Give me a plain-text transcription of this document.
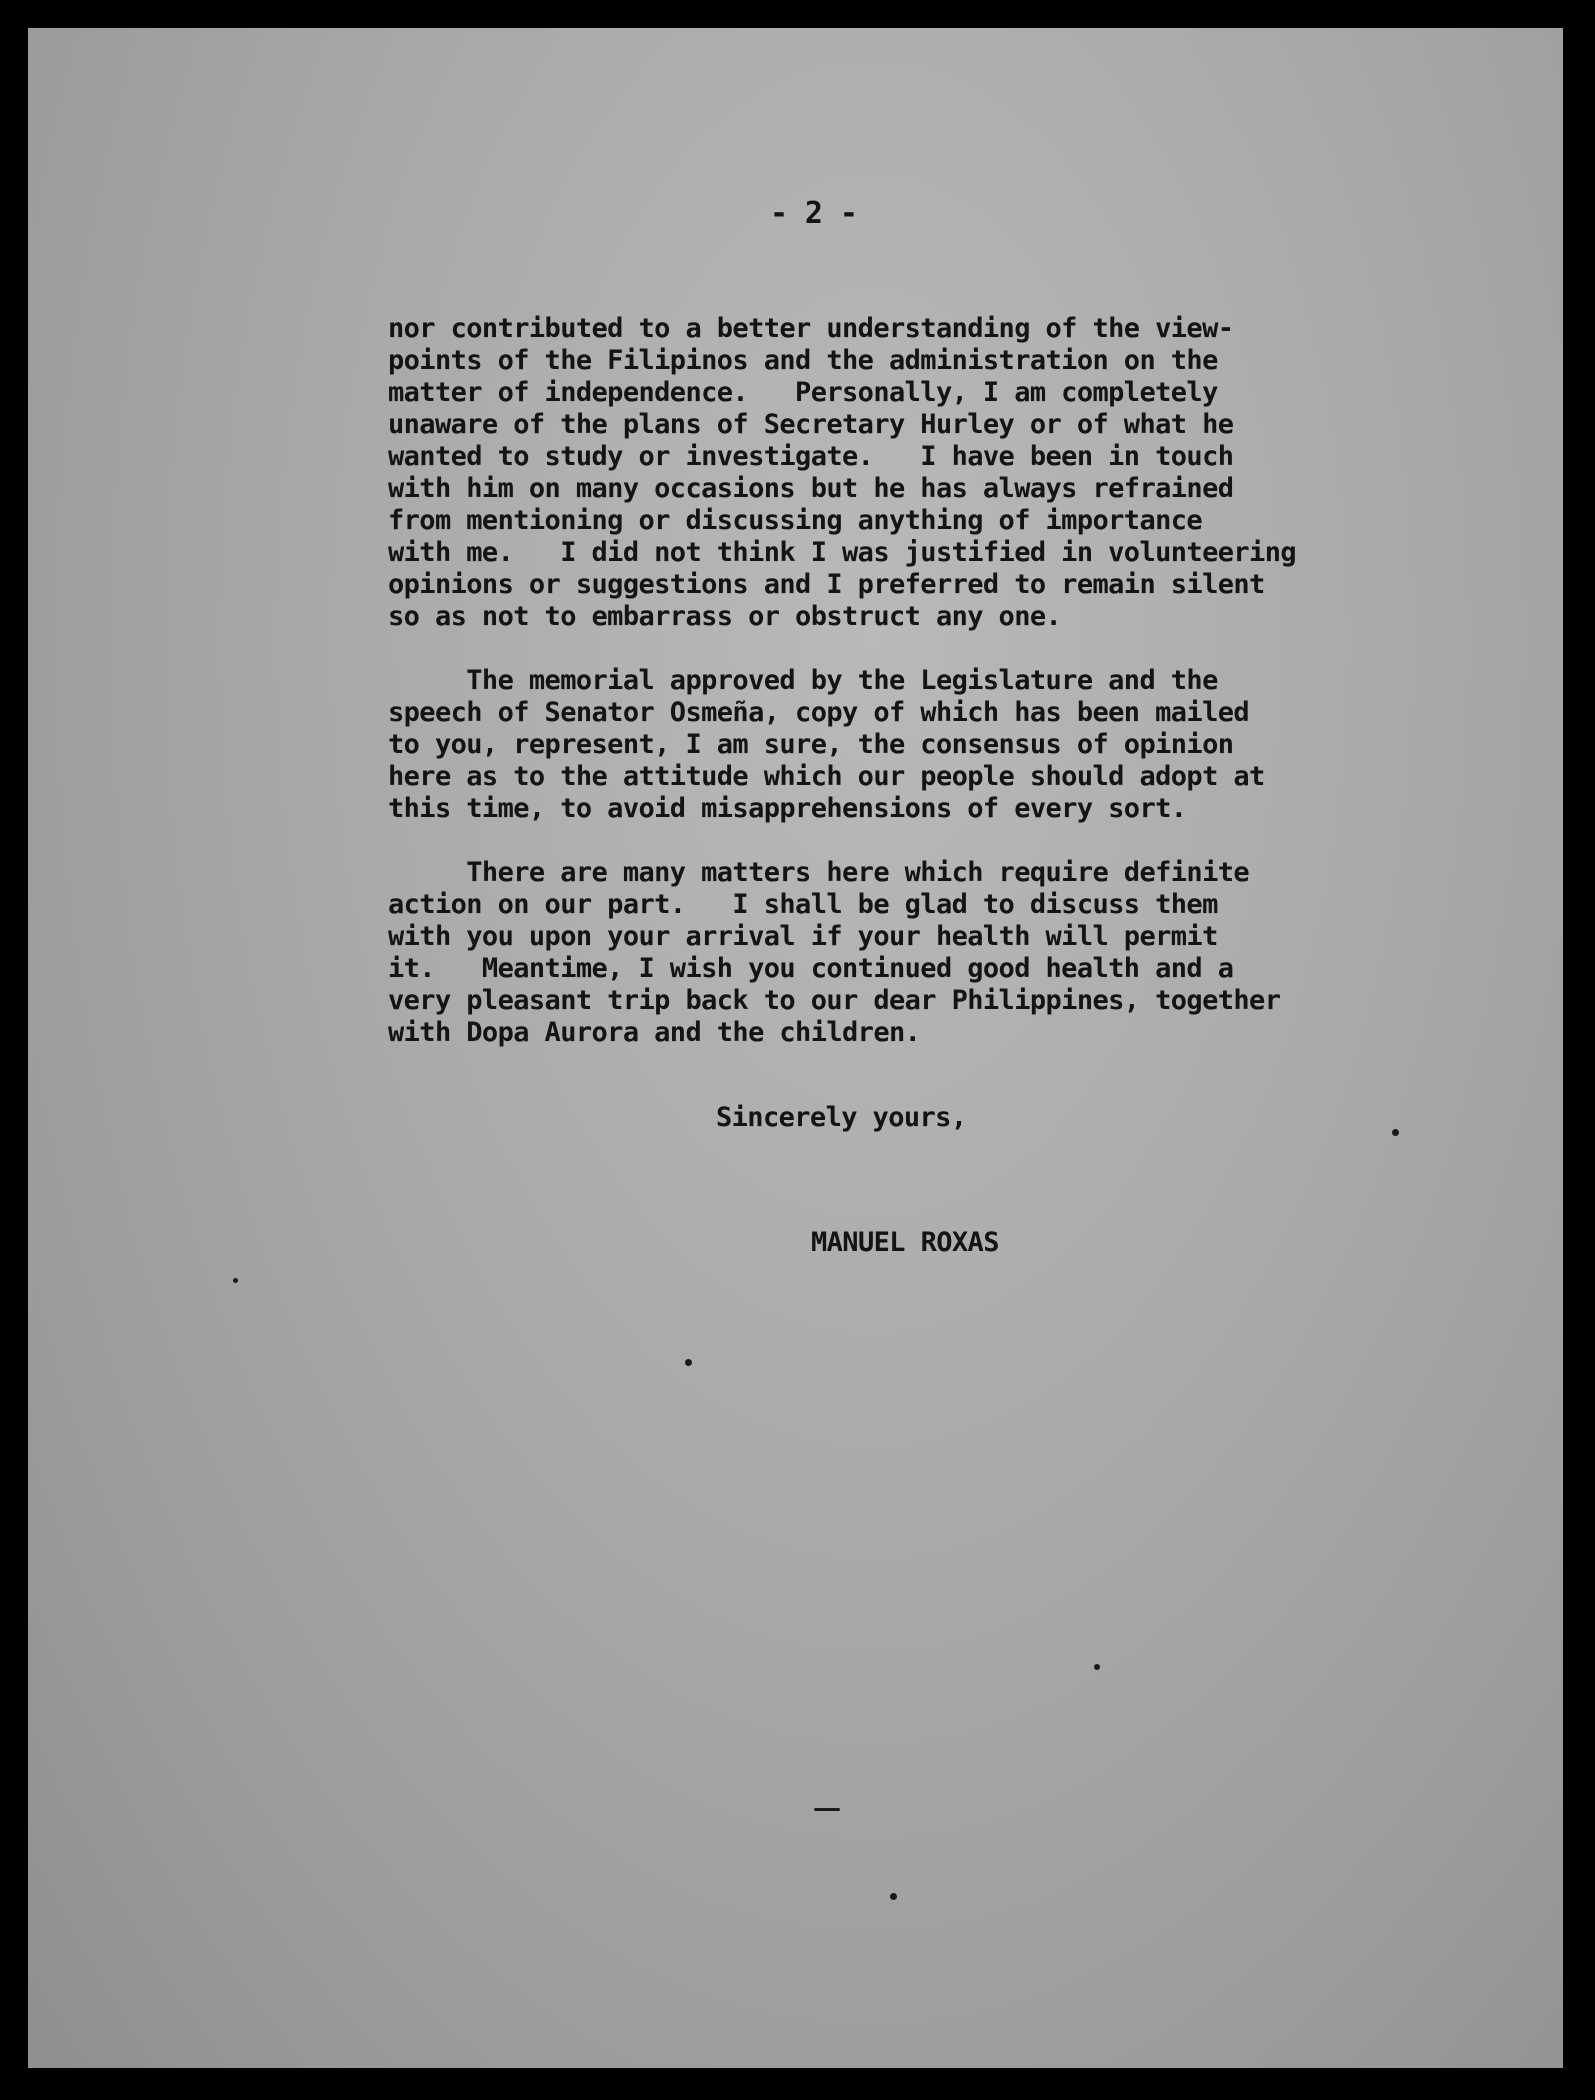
- 2 -
nor contributed to a better understanding of the view-
points of the Filipinos and the administration on the
matter of independence.   Personally, I am completely
unaware of the plans of Secretary Hurley or of what he
wanted to study or investigate.   I have been in touch
with him on many occasions but he has always refrained
from mentioning or discussing anything of importance
with me.   I did not think I was justified in volunteering
opinions or suggestions and I preferred to remain silent
so as not to embarrass or obstruct any one.
The memorial approved by the Legislature and the
speech of Senator Osmeña, copy of which has been mailed
to you, represent, I am sure, the consensus of opinion
here as to the attitude which our people should adopt at
this time, to avoid misapprehensions of every sort.
There are many matters here which require definite
action on our part.   I shall be glad to discuss them
with you upon your arrival if your health will permit
it.   Meantime, I wish you continued good health and a
very pleasant trip back to our dear Philippines, together
with Dopa Aurora and the children.
Sincerely yours,
MANUEL ROXAS
